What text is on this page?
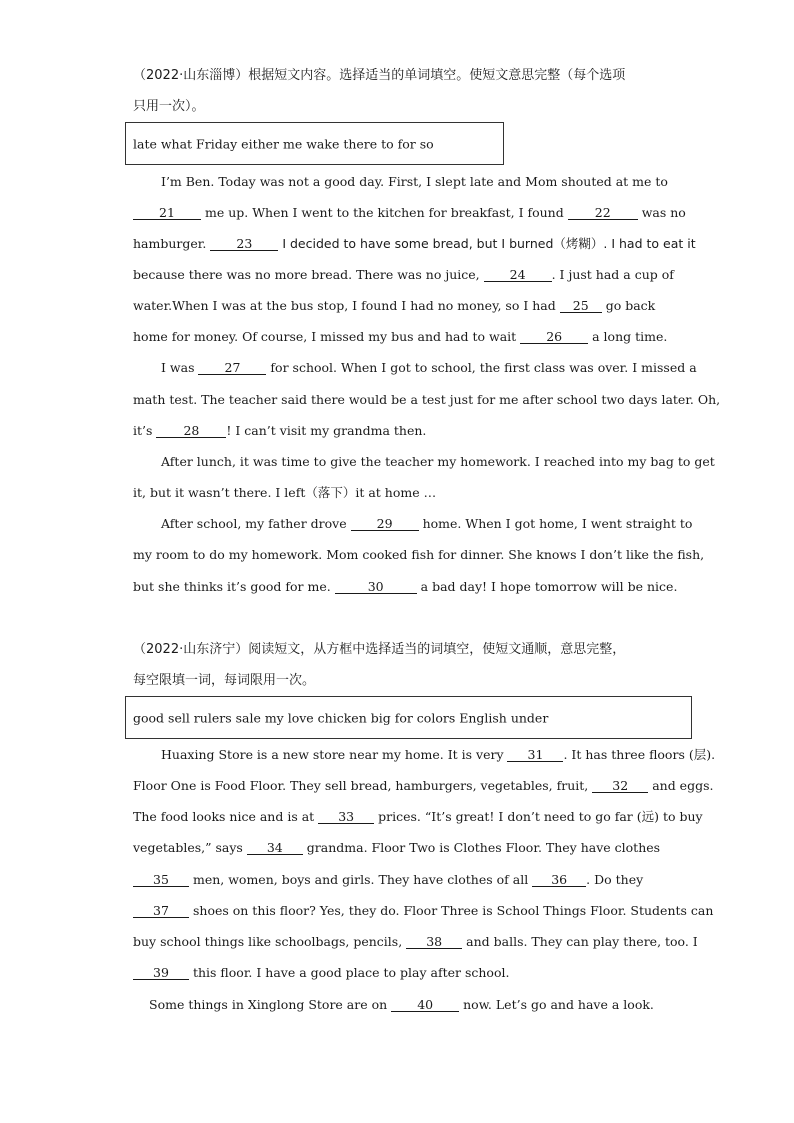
（2022·山东淄博）根据短文内容。选择适当的单词填空。使短文意思完整（每个选项
只用一次）。
late what Friday either me wake there to for so
I’m Ben. Today was not a good day. First, I slept late and Mom shouted at me to
21 me up. When I went to the kitchen for breakfast, I found 22 was no
hamburger. 23 I decided to have some bread, but I burned（烤糊）. I had to eat it
because there was no more bread. There was no juice, 24 . I just had a cup of
water.When I was at the bus stop, I found I had no money, so I had 25 go back
home for money. Of course, I missed my bus and had to wait 26 a long time.
I was 27 for school. When I got to school, the first class was over. I missed a
math test. The teacher said there would be a test just for me after school two days later. Oh,
it’s 28 ! I can’t visit my grandma then.
After lunch, it was time to give the teacher my homework. I reached into my bag to get
it, but it wasn’t there. I left（落下）it at home …
After school, my father drove 29 home. When I got home, I went straight to
my room to do my homework. Mom cooked fish for dinner. She knows I don’t like the fish,
but she thinks it’s good for me.	30	a bad day! I hope tomorrow will be nice.
（2022·山东济宁）阅读短文，从方框中选择适当的词填空，使短文通顺，意思完整，
每空限填一词，每词限用一次。
good sell rulers sale my love chicken big for colors English under
Huaxing Store is a new store near my home. It is very 31 . It has three floors (层).
Floor One is Food Floor. They sell bread, hamburgers, vegetables, fruit, 32 and eggs.
The food looks nice and is at 33 prices. “It’s great! I don’t need to go far (远) to buy
vegetables,” says 34 grandma. Floor Two is Clothes Floor. They have clothes
35 men, women, boys and girls. They have clothes of all 36 . Do they
37 shoes on this floor? Yes, they do. Floor Three is School Things Floor. Students can
buy school things like schoolbags, pencils, 38 and balls. They can play there, too. I
39 this floor. I have a good place to play after school.
Some things in Xinglong Store are on 40 now. Let’s go and have a look.
